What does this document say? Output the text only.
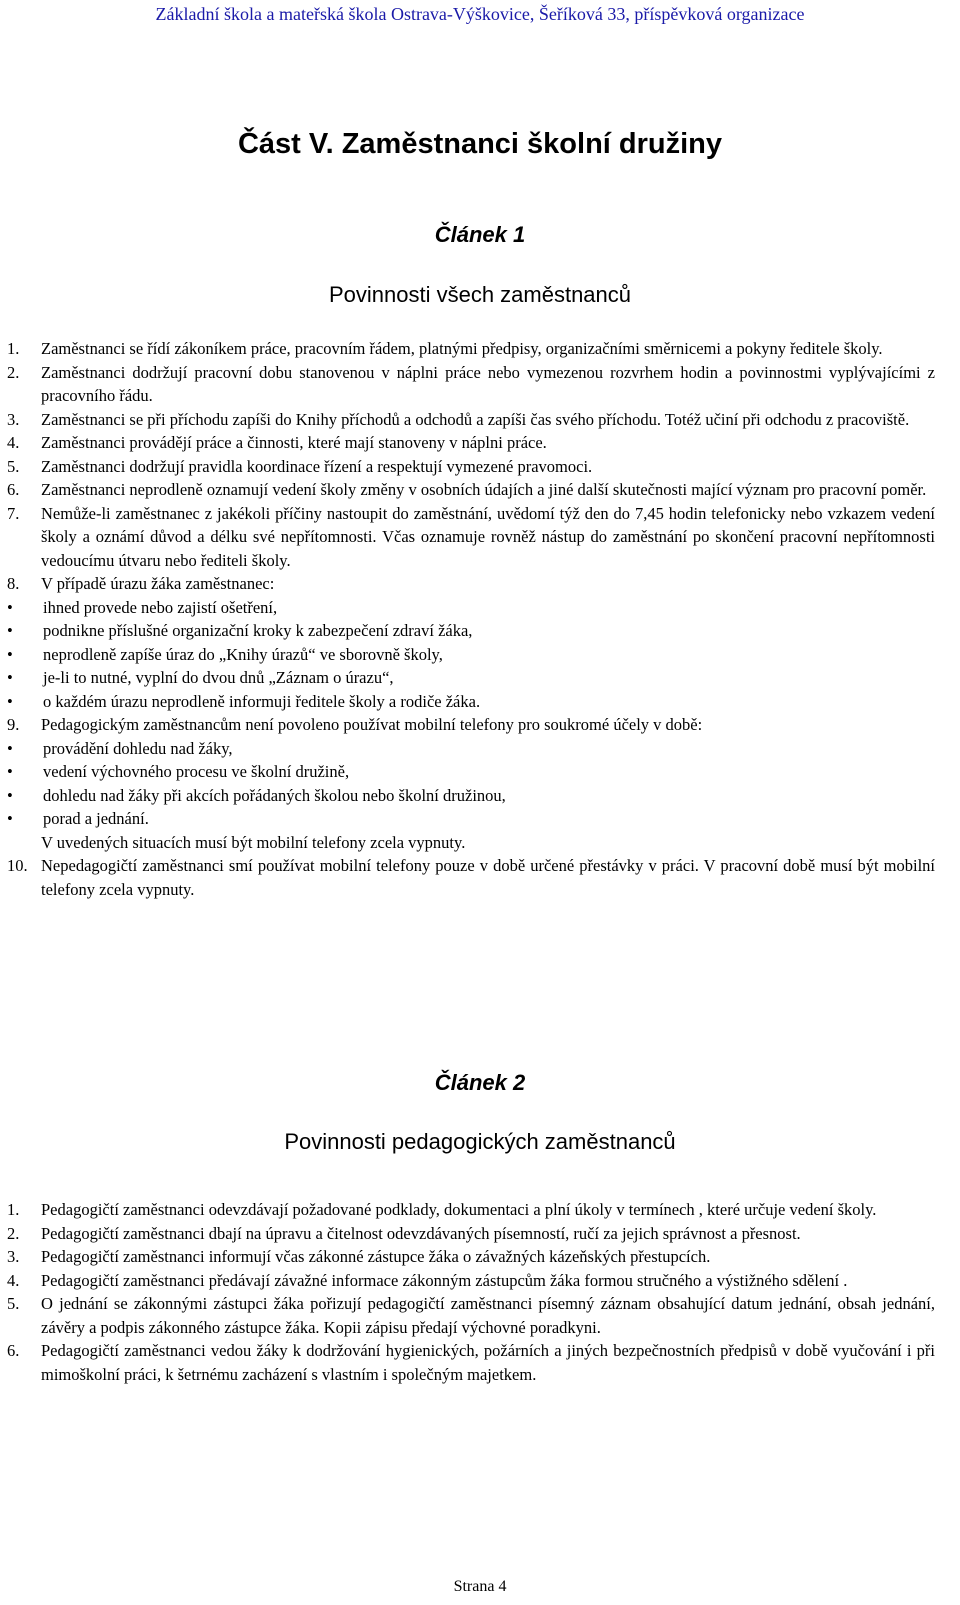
Základní škola a mateřská škola Ostrava-Výškovice, Šeříková 33, příspěvková organizace
Část V. Zaměstnanci školní družiny
Článek 1
Povinnosti všech zaměstnanců
1. Zaměstnanci se řídí zákoníkem práce, pracovním řádem, platnými předpisy, organizačními směrnicemi a pokyny ředitele školy.
2. Zaměstnanci dodržují pracovní dobu stanovenou v náplni práce nebo vymezenou rozvrhem hodin a povinnostmi vyplývajícími z pracovního řádu.
3. Zaměstnanci se při příchodu zapíši do Knihy příchodů a odchodů a zapíši čas svého příchodu. Totéž učiní při odchodu z pracoviště.
4. Zaměstnanci provádějí práce a činnosti, které mají stanoveny v náplni práce.
5. Zaměstnanci dodržují pravidla koordinace řízení a respektují vymezené pravomoci.
6. Zaměstnanci neprodleně oznamují vedení školy změny v osobních údajích a jiné další skutečnosti mající význam pro pracovní poměr.
7. Nemůže-li zaměstnanec z jakékoli příčiny nastoupit do zaměstnání, uvědomí týž den do 7,45 hodin telefonicky nebo vzkazem vedení školy a oznámí důvod a délku své nepřítomnosti. Včas oznamuje rovněž nástup do zaměstnání po skončení pracovní nepřítomnosti vedoucímu útvaru nebo řediteli školy.
8. V případě úrazu žáka zaměstnanec:
• ihned provede nebo zajistí ošetření,
• podnikne příslušné organizační kroky k zabezpečení zdraví žáka,
• neprodleně zapíše úraz do „Knihy úrazů“ ve sborovně školy,
• je-li to nutné, vyplní do dvou dnů „Záznam o úrazu“,
• o každém úrazu neprodleně informuji ředitele školy a rodiče žáka.
9. Pedagogickým zaměstnancům není povoleno používat mobilní telefony pro soukromé účely v době:
• provádění dohledu nad žáky,
• vedení výchovného procesu ve školní družině,
• dohledu nad žáky při akcích pořádaných školou nebo školní družinou,
• porad a jednání.
V uvedených situacích musí být mobilní telefony zcela vypnuty.
10. Nepedagogičtí zaměstnanci smí používat mobilní telefony pouze v době určené přestávky v práci. V pracovní době musí být mobilní telefony zcela vypnuty.
Článek 2
Povinnosti pedagogických zaměstnanců
1. Pedagogičtí zaměstnanci odevzdávají požadované podklady, dokumentaci a plní úkoly v termínech , které určuje vedení školy.
2. Pedagogičtí zaměstnanci dbají na úpravu a čitelnost odevzdávaných písemností, ručí za jejich správnost a přesnost.
3. Pedagogičtí zaměstnanci informují včas zákonné zástupce žáka o závažných kázeňských přestupcích.
4. Pedagogičtí zaměstnanci předávají závažné informace zákonným zástupcům žáka formou stručného a výstižného sdělení .
5. O jednání se zákonnými zástupci žáka pořizují pedagogičtí zaměstnanci písemný záznam obsahující datum jednání, obsah jednání, závěry a podpis zákonného zástupce žáka. Kopii zápisu předají výchovné poradkyni.
6. Pedagogičtí zaměstnanci vedou žáky k dodržování hygienických, požárních a jiných bezpečnostních předpisů v době vyučování i při mimoškolní práci, k šetrnému zacházení s vlastním i společným majetkem.
Strana 4
